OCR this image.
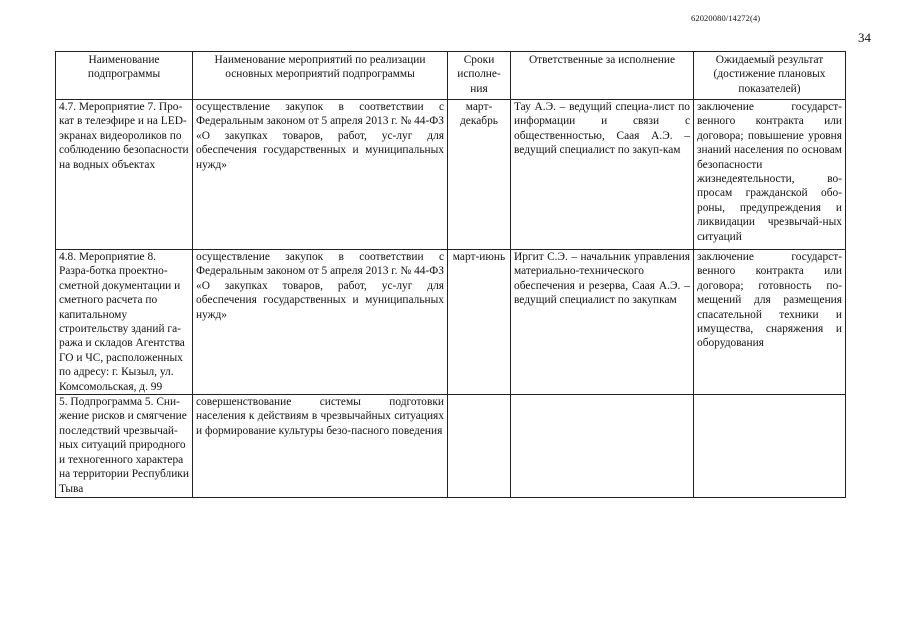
62020080/14272(4)
34
Наименование подпрограммы	Наименование мероприятий по реализации основных мероприятий подпрограммы	Сроки исполне-ния	Ответственные за исполнение	Ожидаемый результат (достижение плановых показателей)
4.7. Мероприятие 7. Про-кат в телеэфире и на LED-экранах видеороликов по соблюдению безопасности на водных объектах	осуществление закупок в соответствии с Федеральным законом от 5 апреля 2013 г. № 44-ФЗ «О закупках товаров, работ, ус-луг для обеспечения государственных и муниципальных нужд»	март-декабрь	Тау А.Э. – ведущий специа-лист по информации и связи с общественностью, Саая А.Э. – ведущий специалист по закуп-кам	заключение государст-венного контракта или договора; повышение уровня знаний населения по основам безопасности жизнедеятельности, во-просам гражданской обо-роны, предупреждения и ликвидации чрезвычай-ных ситуаций
4.8. Мероприятие 8. Разра-ботка проектно-сметной документации и сметного расчета по капитальному строительству зданий га-ража и складов Агентства ГО и ЧС, расположенных по адресу: г. Кызыл, ул. Комсомольская, д. 99	осуществление закупок в соответствии с Федеральным законом от 5 апреля 2013 г. № 44-ФЗ «О закупках товаров, работ, ус-луг для обеспечения государственных и муниципальных нужд»	март-июнь	Иргит С.Э. – начальник управления материально-технического обеспечения и резерва, Саая А.Э. – ведущий специалист по закупкам	заключение государст-венного контракта или договора; готовность по-мещений для размещения спасательной техники и имущества, снаряжения и оборудования
5. Подпрограмма 5. Сни-жение рисков и смягчение последствий чрезвычай-ных ситуаций природного и техногенного характера на территории Республики Тыва	совершенствование системы подготовки населения к действиям в чрезвычайных ситуациях и формирование культуры безо-пасного поведения			
